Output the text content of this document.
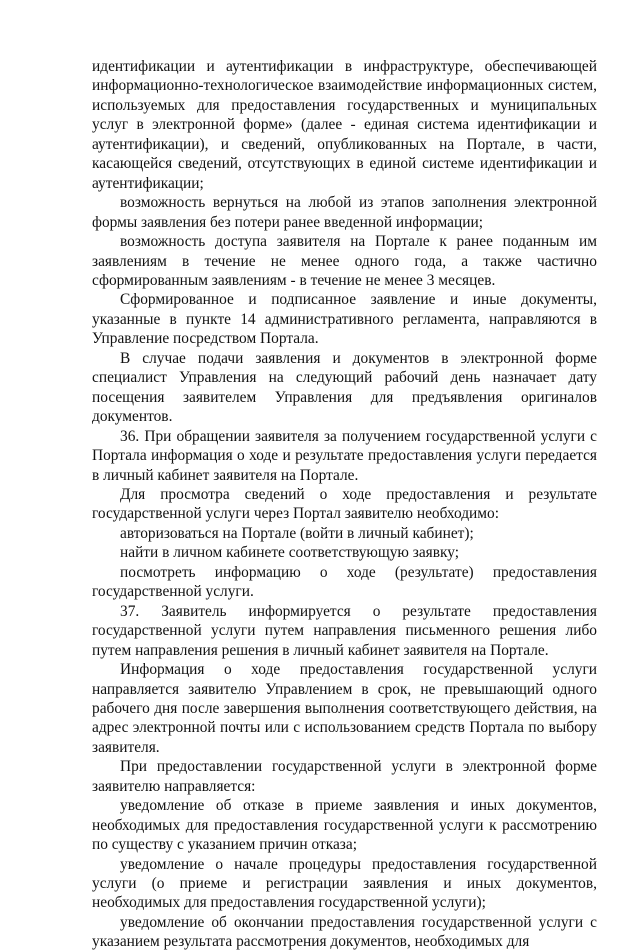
идентификации и аутентификации в инфраструктуре, обеспечивающей информационно-технологическое взаимодействие информационных систем, используемых для предоставления государственных и муниципальных услуг в электронной форме» (далее - единая система идентификации и аутентификации), и сведений, опубликованных на Портале, в части, касающейся сведений, отсутствующих в единой системе идентификации и аутентификации;

возможность вернуться на любой из этапов заполнения электронной формы заявления без потери ранее введенной информации;

возможность доступа заявителя на Портале к ранее поданным им заявлениям в течение не менее одного года, а также частично сформированным заявлениям - в течение не менее 3 месяцев.

Сформированное и подписанное заявление и иные документы, указанные в пункте 14 административного регламента, направляются в Управление посредством Портала.

В случае подачи заявления и документов в электронной форме специалист Управления на следующий рабочий день назначает дату посещения заявителем Управления для предъявления оригиналов документов.

36. При обращении заявителя за получением государственной услуги с Портала информация о ходе и результате предоставления услуги передается в личный кабинет заявителя на Портале.

Для просмотра сведений о ходе предоставления и результате государственной услуги через Портал заявителю необходимо:

авторизоваться на Портале (войти в личный кабинет);

найти в личном кабинете соответствующую заявку;

посмотреть информацию о ходе (результате) предоставления государственной услуги.

37. Заявитель информируется о результате предоставления государственной услуги путем направления письменного решения либо путем направления решения в личный кабинет заявителя на Портале.

Информация о ходе предоставления государственной услуги направляется заявителю Управлением в срок, не превышающий одного рабочего дня после завершения выполнения соответствующего действия, на адрес электронной почты или с использованием средств Портала по выбору заявителя.

При предоставлении государственной услуги в электронной форме заявителю направляется:

уведомление об отказе в приеме заявления и иных документов, необходимых для предоставления государственной услуги к рассмотрению по существу с указанием причин отказа;

уведомление о начале процедуры предоставления государственной услуги (о приеме и регистрации заявления и иных документов, необходимых для предоставления государственной услуги);

уведомление об окончании предоставления государственной услуги с указанием результата рассмотрения документов, необходимых для
